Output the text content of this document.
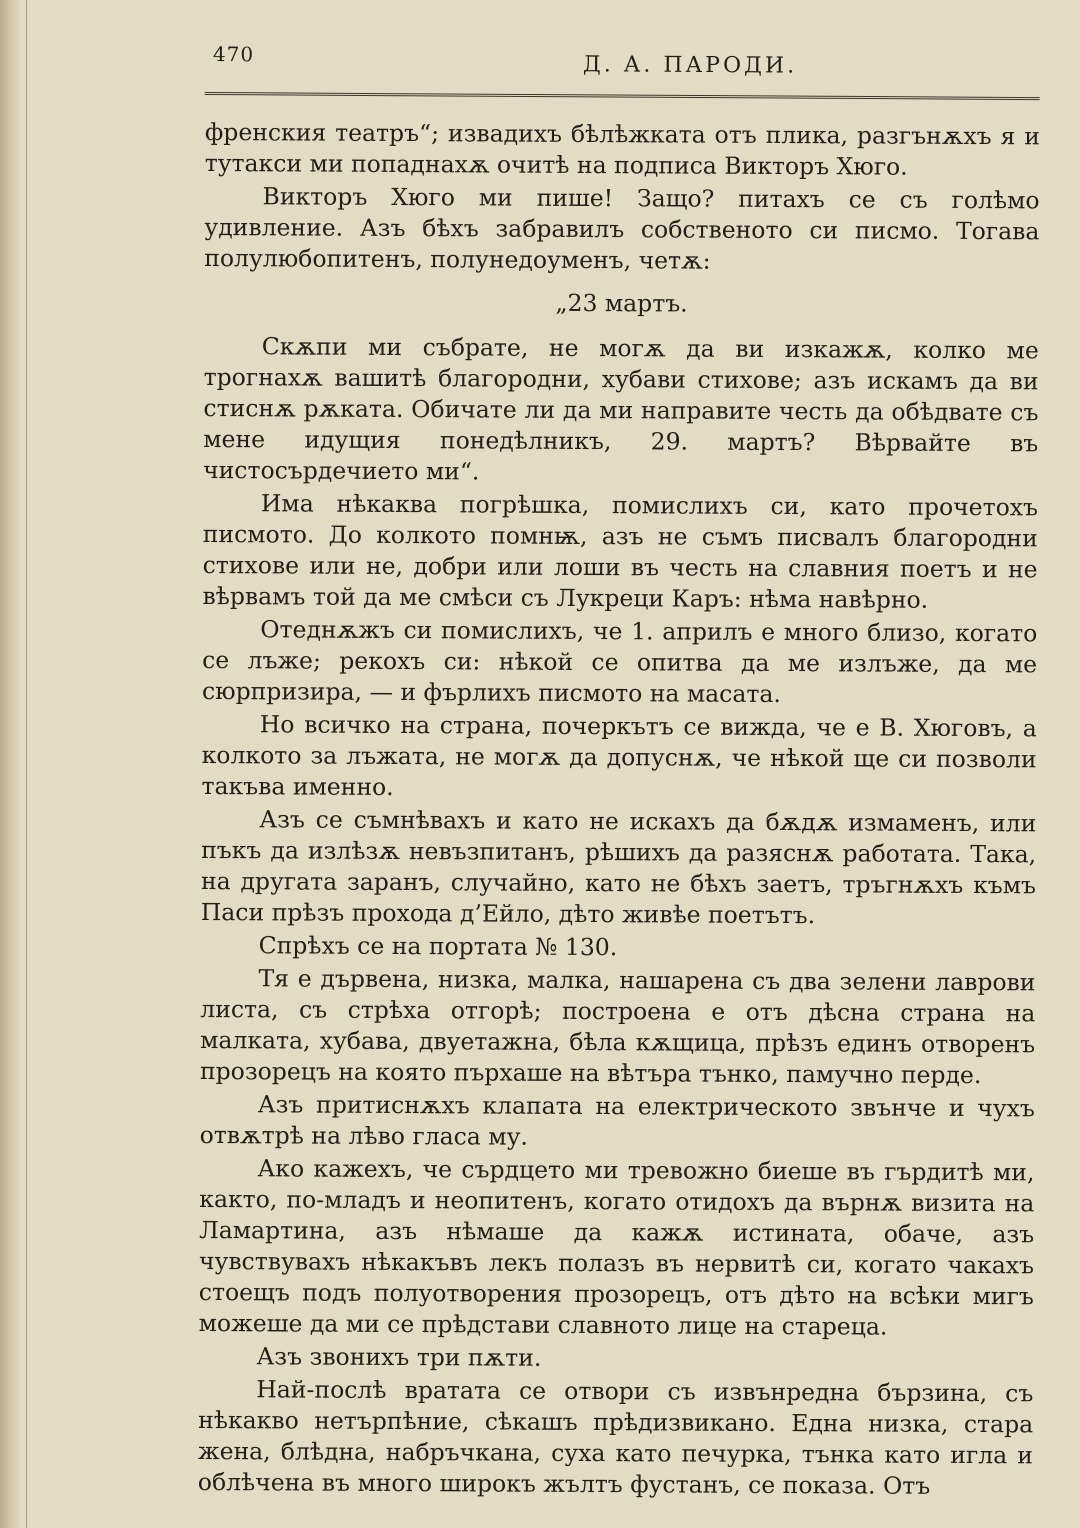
470	Д. А. ПАРОДИ.

френския театръ“; извадихъ бѣлѣжката отъ плика, разгънѫхъ я и тутакси ми попаднахѫ очитѣ на подписа Викторъ Хюго.

Викторъ Хюго ми пише! Защо? питахъ се съ голѣмо удивление. Азъ бѣхъ забравилъ собственото си писмо. Тогава полулюбопитенъ, полунедоуменъ, четѫ:

„23 мартъ.

Скѫпи ми събрате, не могѫ да ви изкажѫ, колко ме трогнахѫ вашитѣ благородни, хубави стихове; азъ искамъ да ви стиснѫ рѫката. Обичате ли да ми направите честь да обѣдвате съ мене идущия понедѣлникъ, 29. мартъ? Вѣрвайте въ чистосърдечието ми“.

Има нѣкаква погрѣшка, помислихъ си, като прочетохъ писмото. До колкото помнѭ, азъ не съмъ писвалъ благородни стихове или не, добри или лоши въ честь на славния поетъ и не вѣрвамъ той да ме смѣси съ Лукреци Каръ: нѣма навѣрно.

Отеднѫжъ си помислихъ, че 1. априлъ е много близо, когато се лъже; рекохъ си: нѣкой се опитва да ме излъже, да ме сюрпризира, — и фърлихъ писмото на масата.

Но всичко на страна, почеркътъ се вижда, че е В. Хюговъ, а колкото за лъжата, не могѫ да допуснѫ, че нѣкой ще си позволи такъва именно.

Азъ се съмнѣвахъ и като не искахъ да бѫдѫ измаменъ, или пъкъ да излѣзѫ невъзпитанъ, рѣшихъ да разяснѫ работата. Така, на другата заранъ, случайно, като не бѣхъ заетъ, тръгнѫхъ къмъ Паси прѣзъ прохода д’Ейло, дѣто живѣе поетътъ.

Спрѣхъ се на портата № 130.

Тя е дървена, низка, малка, нашарена съ два зелени лаврови листа, съ стрѣха отгорѣ; построена е отъ дѣсна страна на малката, хубава, двуетажна, бѣла кѫщица, прѣзъ единъ отворенъ прозорецъ на която пърхаше на вѣтъра тънко, памучно перде.

Азъ притиснѫхъ клапата на електрическото звънче и чухъ отвѫтрѣ на лѣво гласа му.

Ако кажехъ, че сърдцето ми тревожно биеше въ гърдитѣ ми, както, по-младъ и неопитенъ, когато отидохъ да върнѫ визита на Ламартина, азъ нѣмаше да кажѫ истината, обаче, азъ чувствувахъ нѣкакъвъ лекъ полазъ въ нервитѣ си, когато чакахъ стоещъ подъ полуотворения прозорецъ, отъ дѣто на всѣки мигъ можеше да ми се прѣдстави славното лице на стареца.

Азъ звонихъ три пѫти.

Най-послѣ вратата се отвори съ извънредна бързина, съ нѣкакво нетърпѣние, сѣкашъ прѣдизвикано. Една низка, стара жена, блѣдна, набръчкана, суха като печурка, тънка като игла и облѣчена въ много широкъ жълтъ фустанъ, се показа. Отъ
